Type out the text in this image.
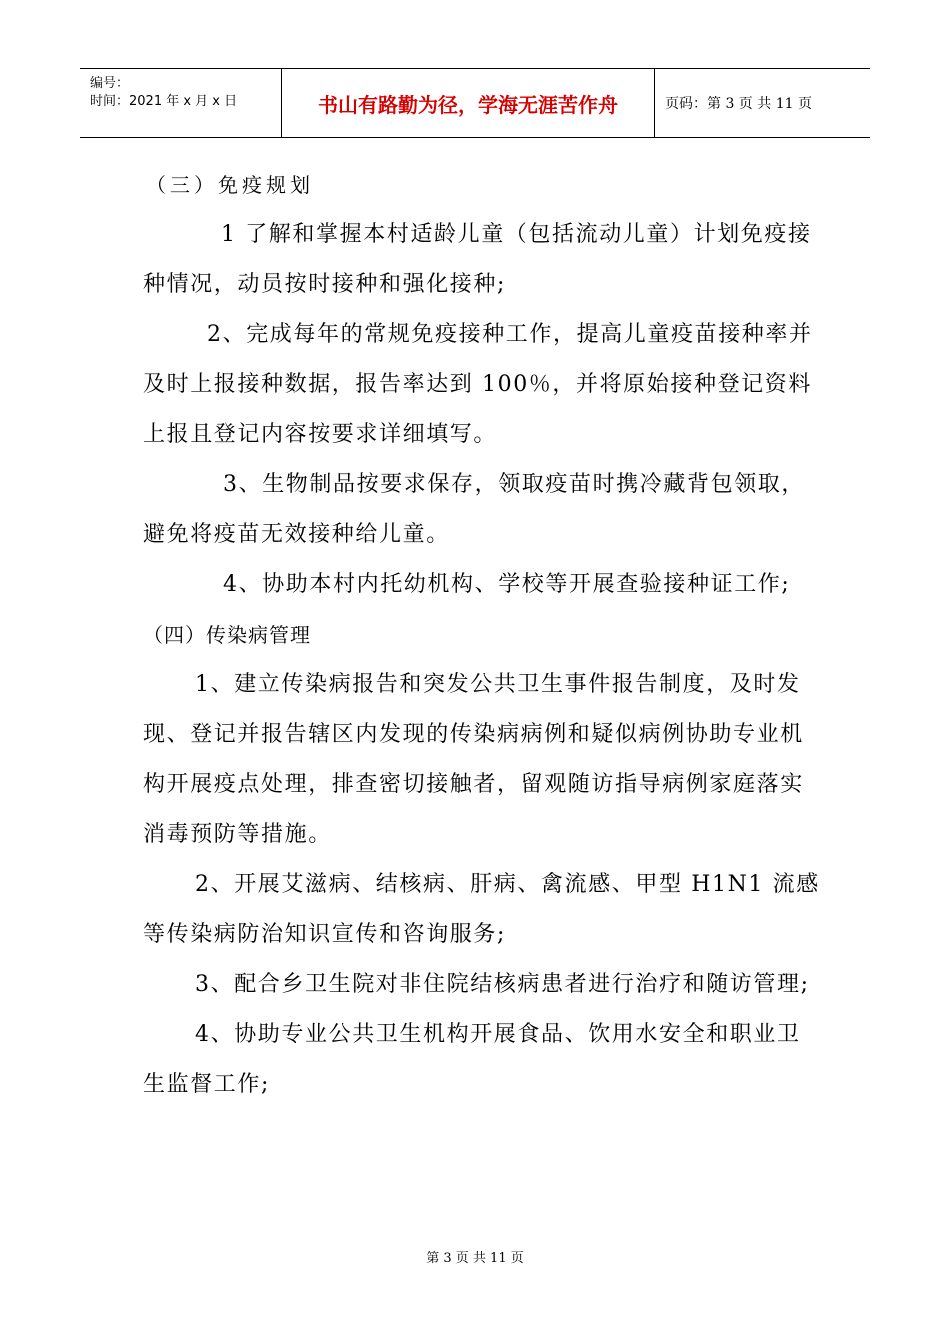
编号：
时间：2021 年 x 月 x 日	书山有路勤为径，学海无涯苦作舟	页码：第 3 页 共 11 页

（三）免疫规划

1 了解和掌握本村适龄儿童（包括流动儿童）计划免疫接种情况，动员按时接种和强化接种;

2、完成每年的常规免疫接种工作，提高儿童疫苗接种率并及时上报接种数据，报告率达到 100％，并将原始接种登记资料上报且登记内容按要求详细填写。

3、生物制品按要求保存，领取疫苗时携冷藏背包领取，避免将疫苗无效接种给儿童。

4、协助本村内托幼机构、学校等开展查验接种证工作;

（四）传染病管理

1、建立传染病报告和突发公共卫生事件报告制度，及时发现、登记并报告辖区内发现的传染病病例和疑似病例协助专业机构开展疫点处理，排查密切接触者，留观随访指导病例家庭落实消毒预防等措施。

2、开展艾滋病、结核病、肝病、禽流感、甲型 H1N1 流感等传染病防治知识宣传和咨询服务;

3、配合乡卫生院对非住院结核病患者进行治疗和随访管理;

4、协助专业公共卫生机构开展食品、饮用水安全和职业卫生监督工作;

第 3 页 共 11 页
